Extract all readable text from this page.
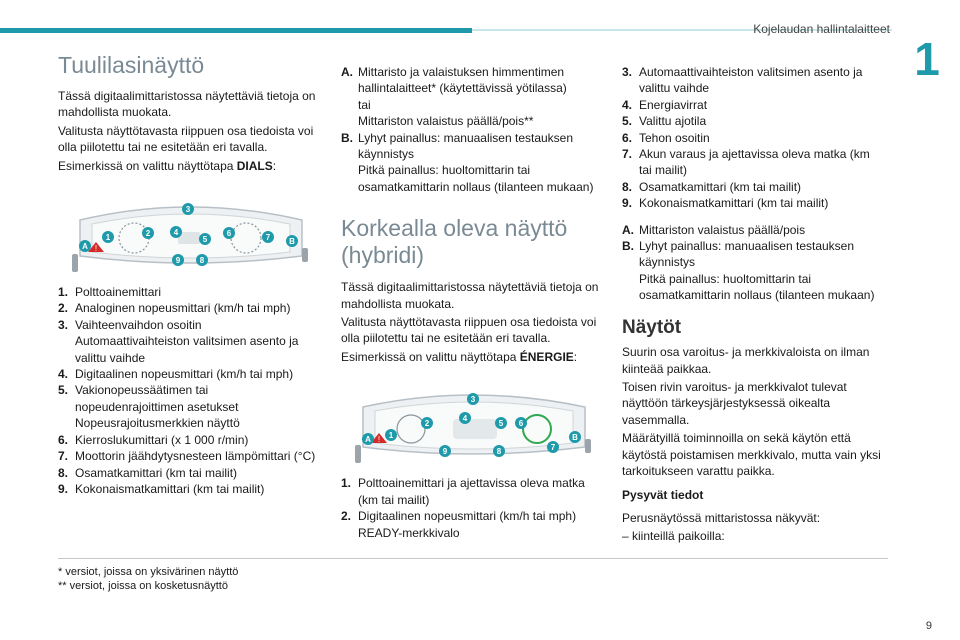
Kojelaudan hallintalaitteet
1
Tuulilasinäyttö

Tässä digitaalimittaristossa näytettäviä tietoja on mahdollista muokata.

Valitusta näyttötavasta riippuen osa tiedoista voi olla piilotettu tai ne esitetään eri tavalla.

Esimerkissä on valittu näyttötapa DIALS:

!
1	2
3
4
5
6	7
8
9
A
B
1. Polttoainemittari
2. Analoginen nopeusmittari (km/h tai mph)
3. Vaihteenvaihdon osoitin
Automaattivaihteiston valitsimen asento ja valittu vaihde
4. Digitaalinen nopeusmittari (km/h tai mph)
5. Vakionopeussäätimen tai nopeudenrajoittimen asetukset
Nopeusrajoitusmerkkien näyttö
6. Kierroslukumittari (x 1 000 r/min)
7. Moottorin jäähdytysnesteen lämpömittari (°C)
8. Osamatkamittari (km tai mailit)
9. Kokonaismatkamittari (km tai mailit)
A. Mittaristo ja valaistuksen himmentimen hallintalaitteet* (käytettävissä yötilassa)
tai
Mittariston valaistus päällä/pois**
B. Lyhyt painallus: manuaalisen testauksen käynnistys
Pitkä painallus: huoltomittarin tai osamatkamittarin nollaus (tilanteen mukaan)
Korkealla oleva näyttö (hybridi)

Tässä digitaalimittaristossa näytettäviä tietoja on mahdollista muokata.

Valitusta näyttötavasta riippuen osa tiedoista voi olla piilotettu tai ne esitetään eri tavalla.

Esimerkissä on valittu näyttötapa ÉNERGIE:

! 1
2
3
4
5 6
7
8
9
A	B
1. Polttoainemittari ja ajettavissa oleva matka (km tai mailit)
2. Digitaalinen nopeusmittari (km/h tai mph)
READY-merkkivalo
3. Automaattivaihteiston valitsimen asento ja valittu vaihde
4. Energiavirrat
5. Valittu ajotila
6. Tehon osoitin
7. Akun varaus ja ajettavissa oleva matka (km tai mailit)
8. Osamatkamittari (km tai mailit)
9. Kokonaismatkamittari (km tai mailit)
A. Mittariston valaistus päällä/pois
B. Lyhyt painallus: manuaalisen testauksen käynnistys
Pitkä painallus: huoltomittarin tai osamatkamittarin nollaus (tilanteen mukaan)
Näytöt

Suurin osa varoitus- ja merkkivaloista on ilman kiinteää paikkaa.

Toisen rivin varoitus- ja merkkivalot tulevat näyttöön tärkeysjärjestyksessä oikealta vasemmalla.

Määrätyillä toiminnoilla on sekä käytön että käytöstä poistamisen merkkivalo, mutta vain yksi tarkoitukseen varattu paikka.

Pysyvät tiedot

Perusnäytössä mittaristossa näkyvät:

– kiinteillä paikoilla:

* versiot, joissa on yksivärinen näyttö
** versiot, joissa on kosketusnäyttö
9
